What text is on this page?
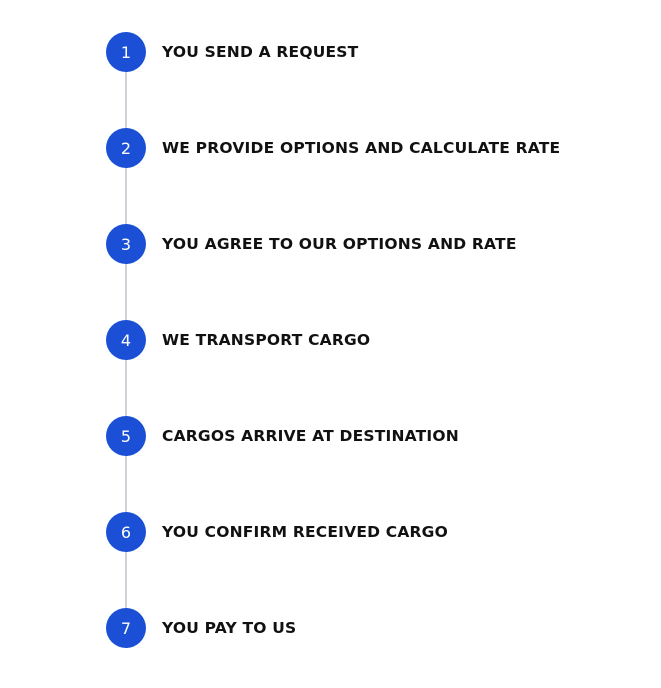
1	YOU SEND A REQUEST
2	WE PROVIDE OPTIONS AND CALCULATE RATE
3	YOU AGREE TO OUR OPTIONS AND RATE
4	WE TRANSPORT CARGO
5	CARGOS ARRIVE AT DESTINATION
6	YOU CONFIRM RECEIVED CARGO
7	YOU PAY TO US
